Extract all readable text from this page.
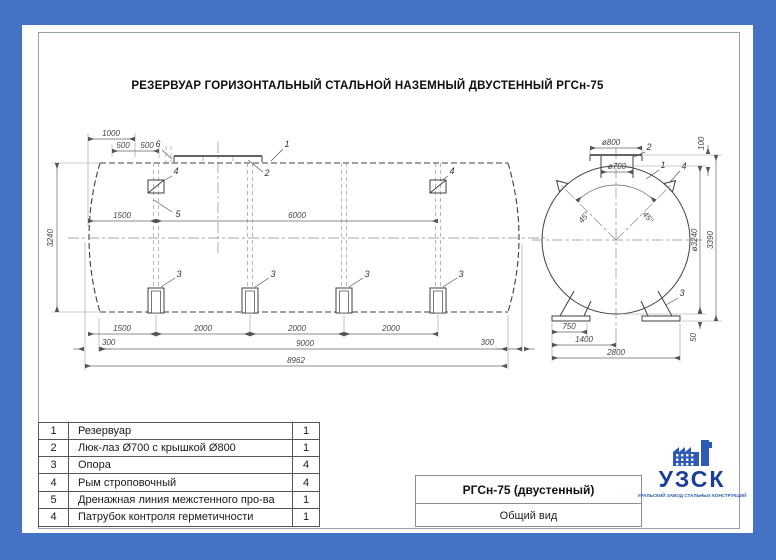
РЕЗЕРВУАР ГОРИЗОНТАЛЬНЫЙ СТАЛЬНОЙ НАЗЕМНЫЙ ДВУСТЕННЫЙ РГСн-75
1
2
6
5
4	4
3	3	3	3
1000
500 500
1500	6000
3240
1500	2000	2000	2000
300	9000	300
8962
ø800
ø700
45°	45°
2
1 4
3
750
1400
2800
100
ø3240 3390
50
1	Резервуар	1
2	Люк-лаз Ø700 с крышкой Ø800	1
3	Опора	4
4	Рым строповочный	4
5	Дренажная линия межстенного про-ва	1
4	Патрубок контроля герметичности	1
РГСн-75 (двустенный)
Общий вид
УЗСК
УРАЛЬСКИЙ ЗАВОД СТАЛЬНЫХ КОНСТРУКЦИЙ
